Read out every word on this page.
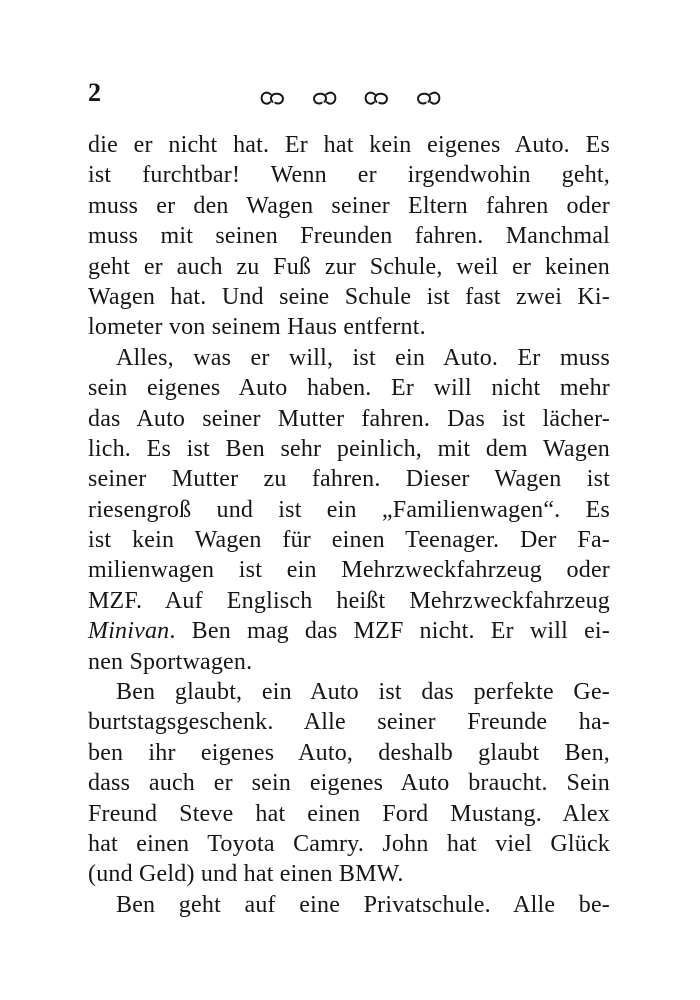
2
die er nicht hat. Er hat kein eigenes Auto. Es
ist furchtbar! Wenn er irgendwohin geht,
muss er den Wagen seiner Eltern fahren oder
muss mit seinen Freunden fahren. Manchmal
geht er auch zu Fuß zur Schule, weil er keinen
Wagen hat. Und seine Schule ist fast zwei Ki-
lometer von seinem Haus entfernt.
Alles, was er will, ist ein Auto. Er muss
sein eigenes Auto haben. Er will nicht mehr
das Auto seiner Mutter fahren. Das ist lächer-
lich. Es ist Ben sehr peinlich, mit dem Wagen
seiner Mutter zu fahren. Dieser Wagen ist
riesengroß und ist ein „Familienwagen“. Es
ist kein Wagen für einen Teenager. Der Fa-
milienwagen ist ein Mehrzweckfahrzeug oder
MZF. Auf Englisch heißt Mehrzweckfahrzeug
Minivan. Ben mag das MZF nicht. Er will ei-
nen Sportwagen.
Ben glaubt, ein Auto ist das perfekte Ge-
burtstagsgeschenk. Alle seiner Freunde ha-
ben ihr eigenes Auto, deshalb glaubt Ben,
dass auch er sein eigenes Auto braucht. Sein
Freund Steve hat einen Ford Mustang. Alex
hat einen Toyota Camry. John hat viel Glück
(und Geld) und hat einen BMW.
Ben geht auf eine Privatschule. Alle be-
